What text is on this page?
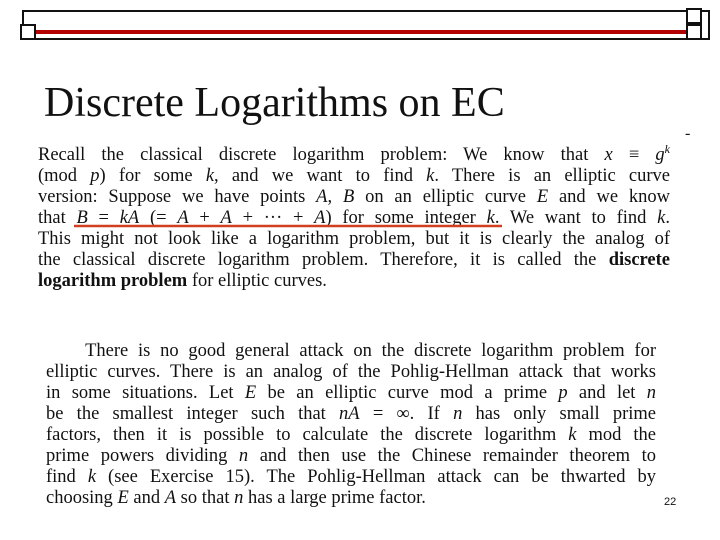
Discrete Logarithms on EC
-
Recall the classical discrete logarithm problem: We know that $x \equiv g^k$
(mod p) for some k, and we want to find k. There is an elliptic curve
version: Suppose we have points A, B on an elliptic curve E and we know
that B = kA (= A + A + ··· + A) for some integer k. We want to find k.
This might not look like a logarithm problem, but it is clearly the analog of
the classical discrete logarithm problem. Therefore, it is called the discrete
logarithm problem for elliptic curves.
There is no good general attack on the discrete logarithm problem for
elliptic curves. There is an analog of the Pohlig-Hellman attack that works
in some situations. Let E be an elliptic curve mod a prime p and let n
be the smallest integer such that nA = ∞. If n has only small prime
factors, then it is possible to calculate the discrete logarithm k mod the
prime powers dividing n and then use the Chinese remainder theorem to
find k (see Exercise 15). The Pohlig-Hellman attack can be thwarted by
choosing E and A so that n has a large prime factor.	22
